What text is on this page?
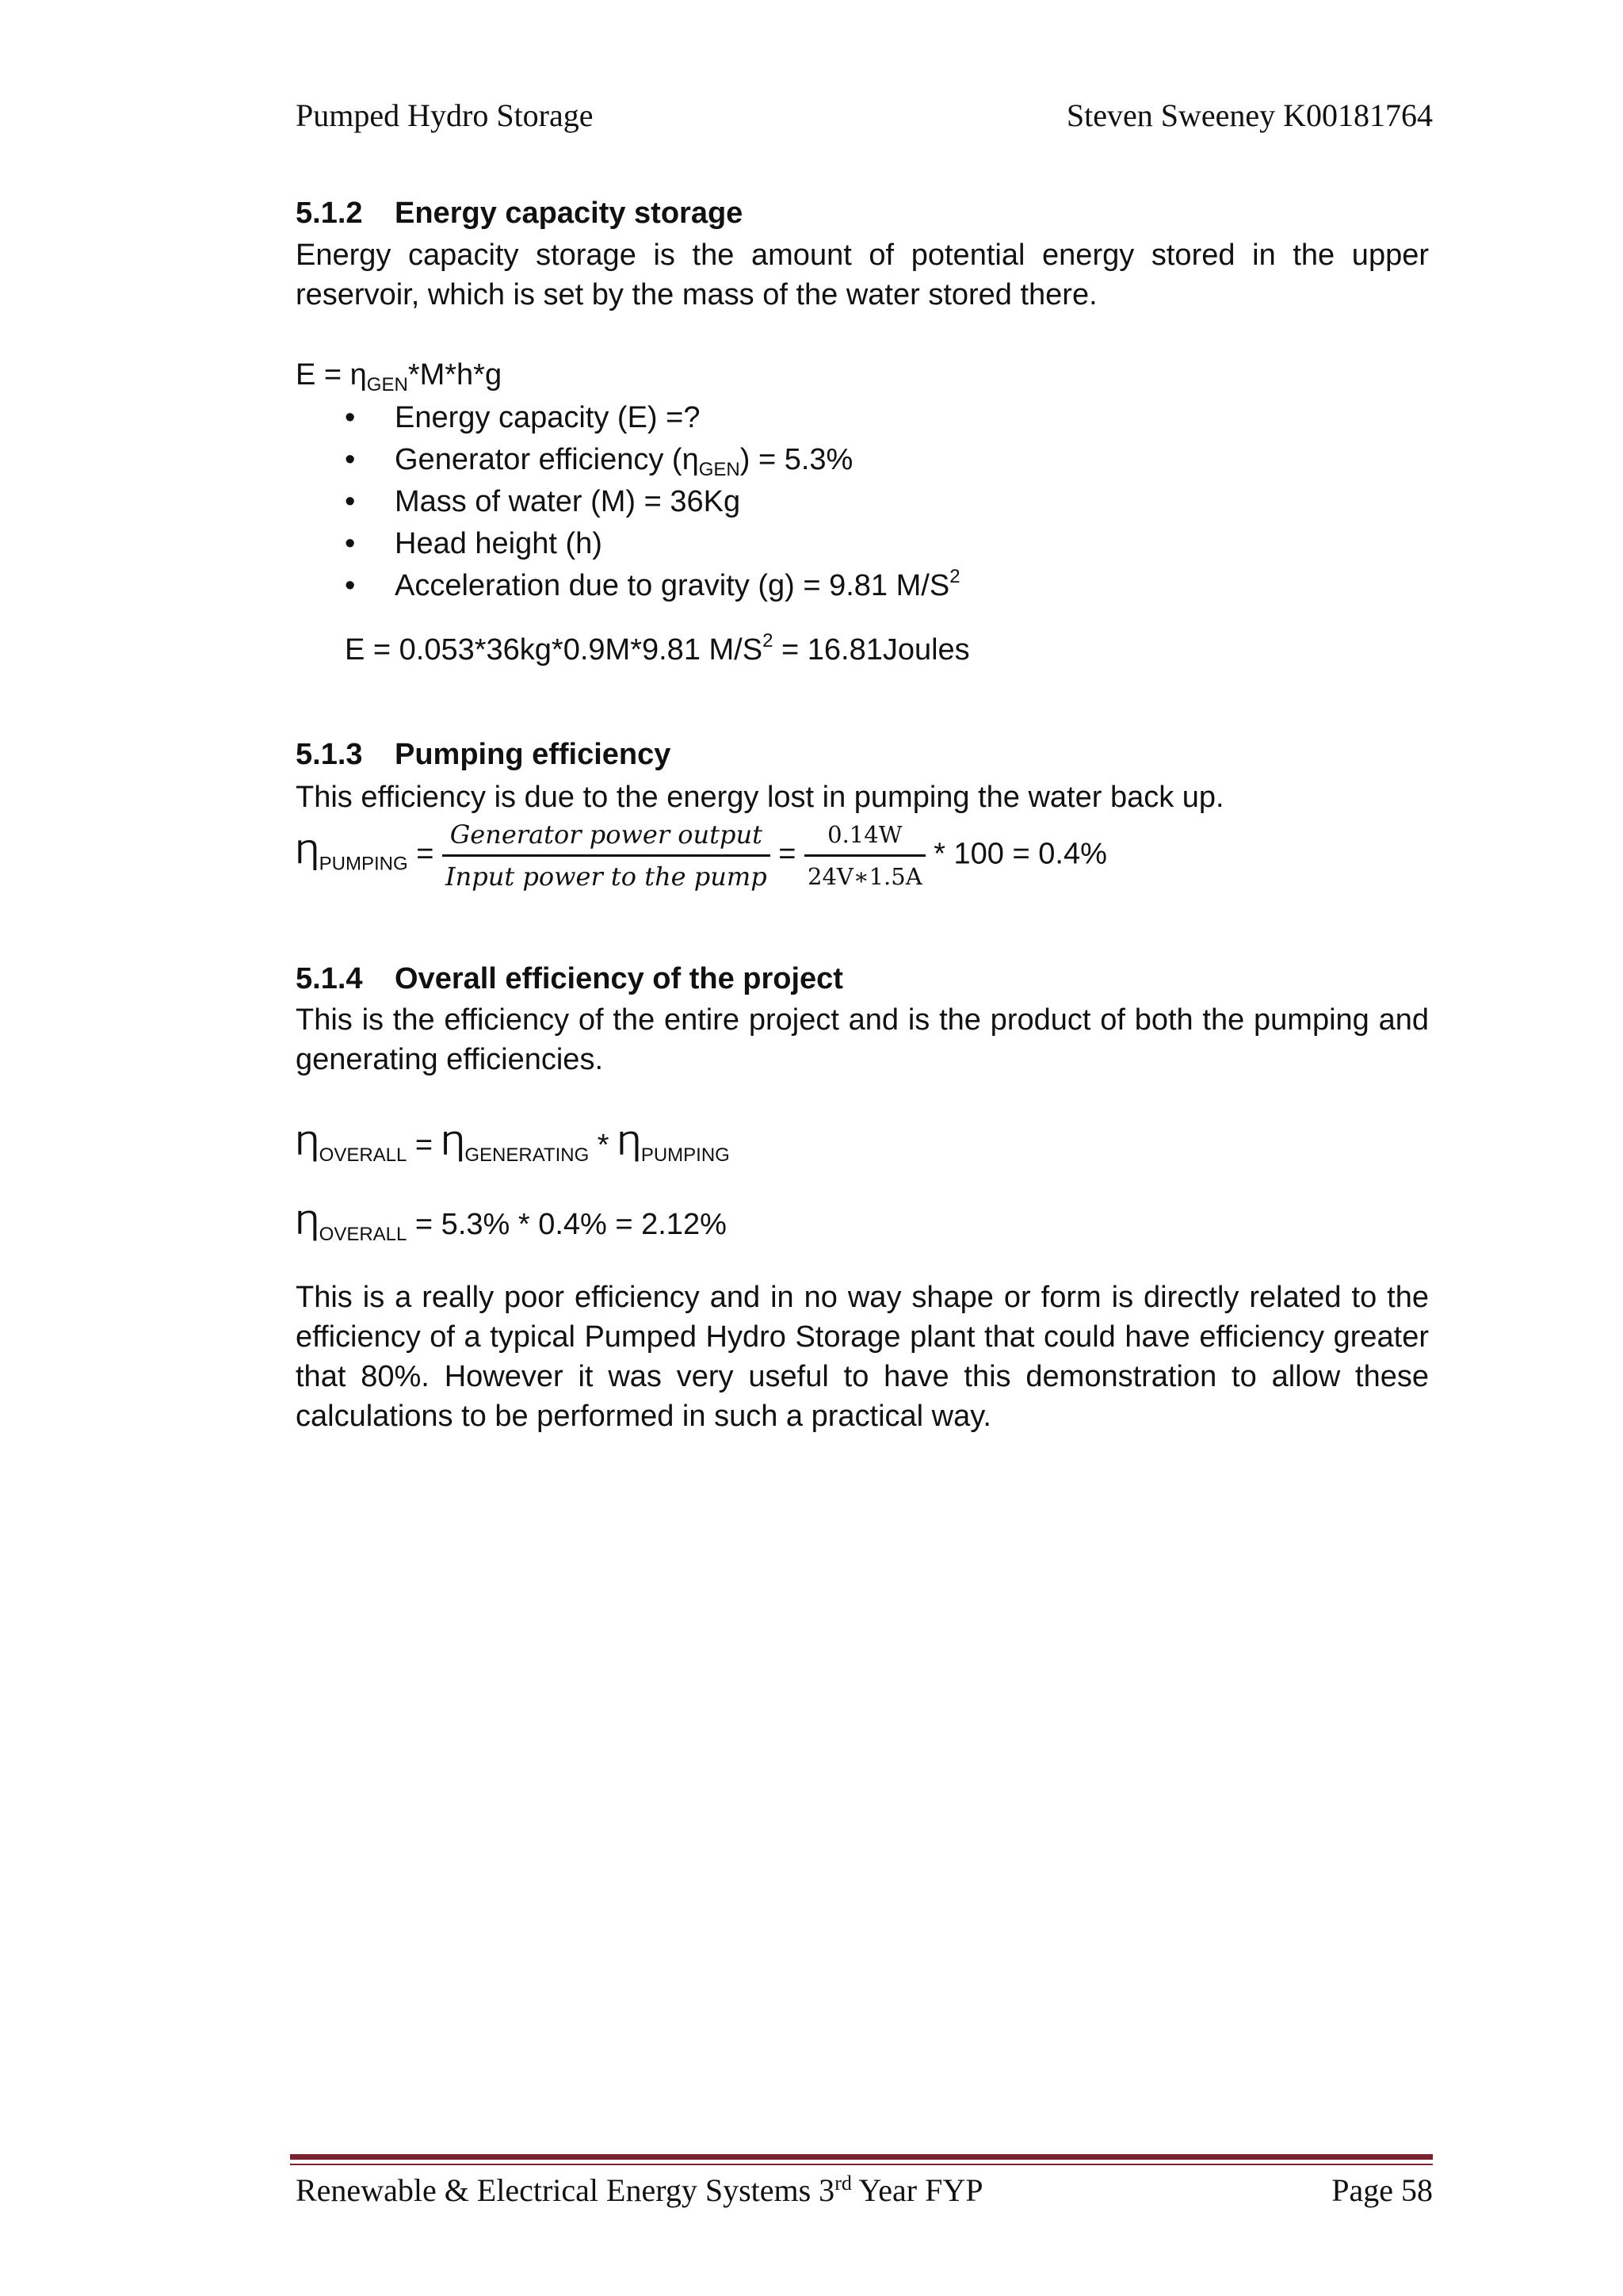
Pumped Hydro Storage	Steven Sweeney K00181764
5.1.2 Energy capacity storage
Energy capacity storage is the amount of potential energy stored in the upper reservoir, which is set by the mass of the water stored there.
$E = \eta_{GEN}*M*h*g$
• Energy capacity (E) =?
• Generator efficiency $(\eta_{GEN}) = 5.3\%$
• Mass of water (M) = 36Kg
• Head height (h)
• Acceleration due to gravity (g) = 9.81 $M/S^2$
E = 0.053*36kg*0.9M*9.81 $M/S^2$ = 16.81Joules
5.1.3 Pumping efficiency
This efficiency is due to the energy lost in pumping the water back up.
$Ƞ_{PUMPING} = \frac{\text{Generator power output}}{\text{Input power to the pump}} = \frac{0.14W}{24V∗1.5A} * 100 = 0.4\%$
5.1.4 Overall efficiency of the project
This is the efficiency of the entire project and is the product of both the pumping and generating efficiencies.
$Ƞ_{OVERALL}$ = $Ƞ_{GENERATING}$ * $Ƞ_{PUMPING}$
$Ƞ_{OVERALL} = 5.3\% * 0.4\% = 2.12\%$
This is a really poor efficiency and in no way shape or form is directly related to the efficiency of a typical Pumped Hydro Storage plant that could have efficiency greater that 80%. However it was very useful to have this demonstration to allow these calculations to be performed in such a practical way.
Renewable & Electrical Energy Systems 3rd Year FYP	Page 58
